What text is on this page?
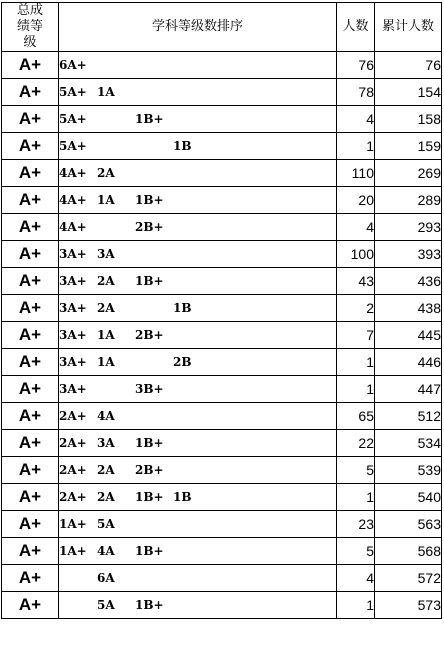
总成绩等级	学科等级数排序	人数	累计人数
A+	6A+	76	76
A+	5A+ 1A	78	154
A+	5A+ 1B+	4	158
A+	5A+ 1B	1	159
A+	4A+ 2A	110	269
A+	4A+ 1A 1B+	20	289
A+	4A+ 2B+	4	293
A+	3A+ 3A	100	393
A+	3A+ 2A 1B+	43	436
A+	3A+ 2A 1B	2	438
A+	3A+ 1A 2B+	7	445
A+	3A+ 1A 2B	1	446
A+	3A+ 3B+	1	447
A+	2A+ 4A	65	512
A+	2A+ 3A 1B+	22	534
A+	2A+ 2A 2B+	5	539
A+	2A+ 2A 1B+ 1B	1	540
A+	1A+ 5A	23	563
A+	1A+ 4A 1B+	5	568
A+	6A	4	572
A+	5A 1B+	1	573
